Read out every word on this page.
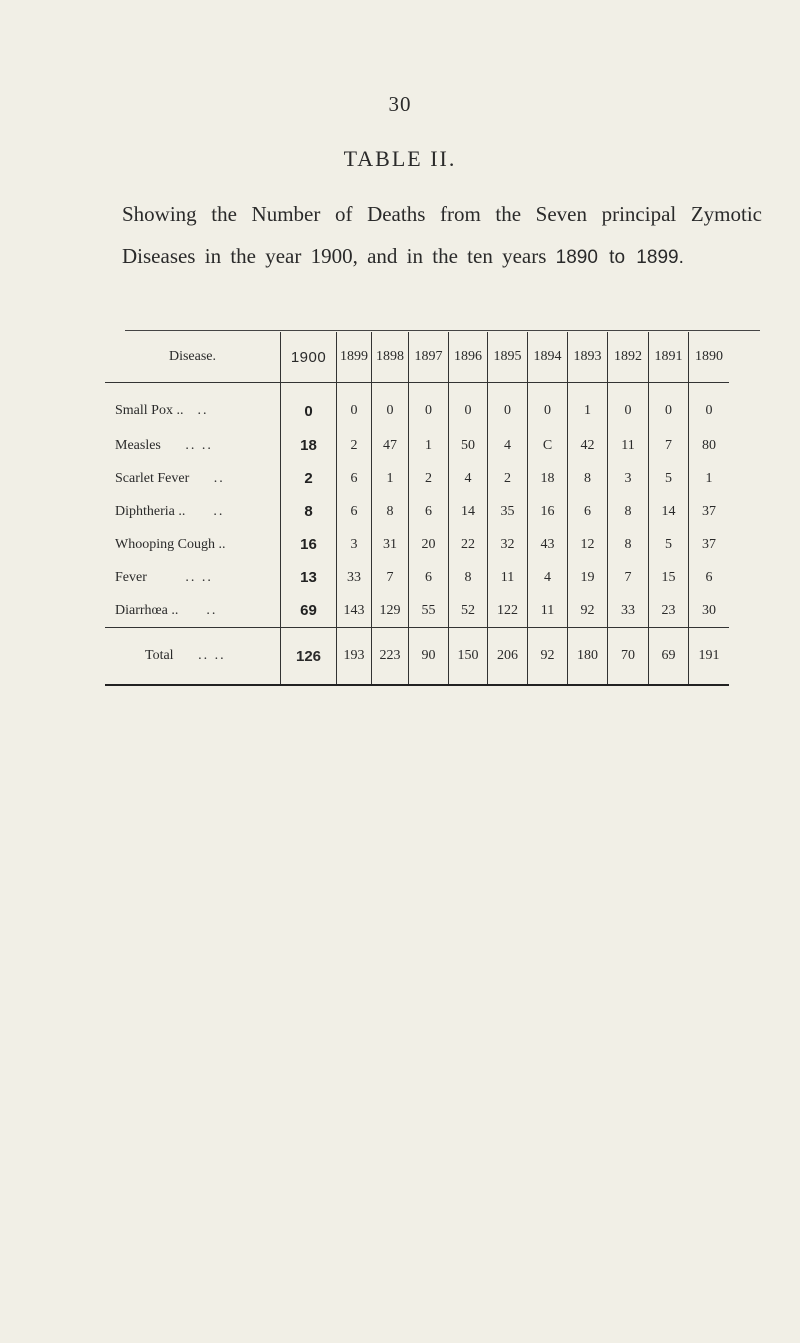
30
TABLE II.
Showing the Number of Deaths from the Seven principal Zymotic Diseases in the year 1900, and in the ten years 1890 to 1899.
Disease.	1900	1899	1898	1897	1896	1895	1894	1893	1892	1891	1890
Small Pox .. ..	0	0	0	0	0	0	0	1	0	0	0
Measles .. ..	18	2	47	1	50	4	C	42	11	7	80
Scarlet Fever ..	2	6	1	2	4	2	18	8	3	5	1
Diphtheria .. ..	8	6	8	6	14	35	16	6	8	14	37
Whooping Cough ..	16	3	31	20	22	32	43	12	8	5	37
Fever .. ..	13	33	7	6	8	11	4	19	7	15	6
Diarrhœa .. ..	69	143	129	55	52	122	11	92	33	23	30
Total .. ..	126	193	223	90	150	206	92	180	70	69	191
